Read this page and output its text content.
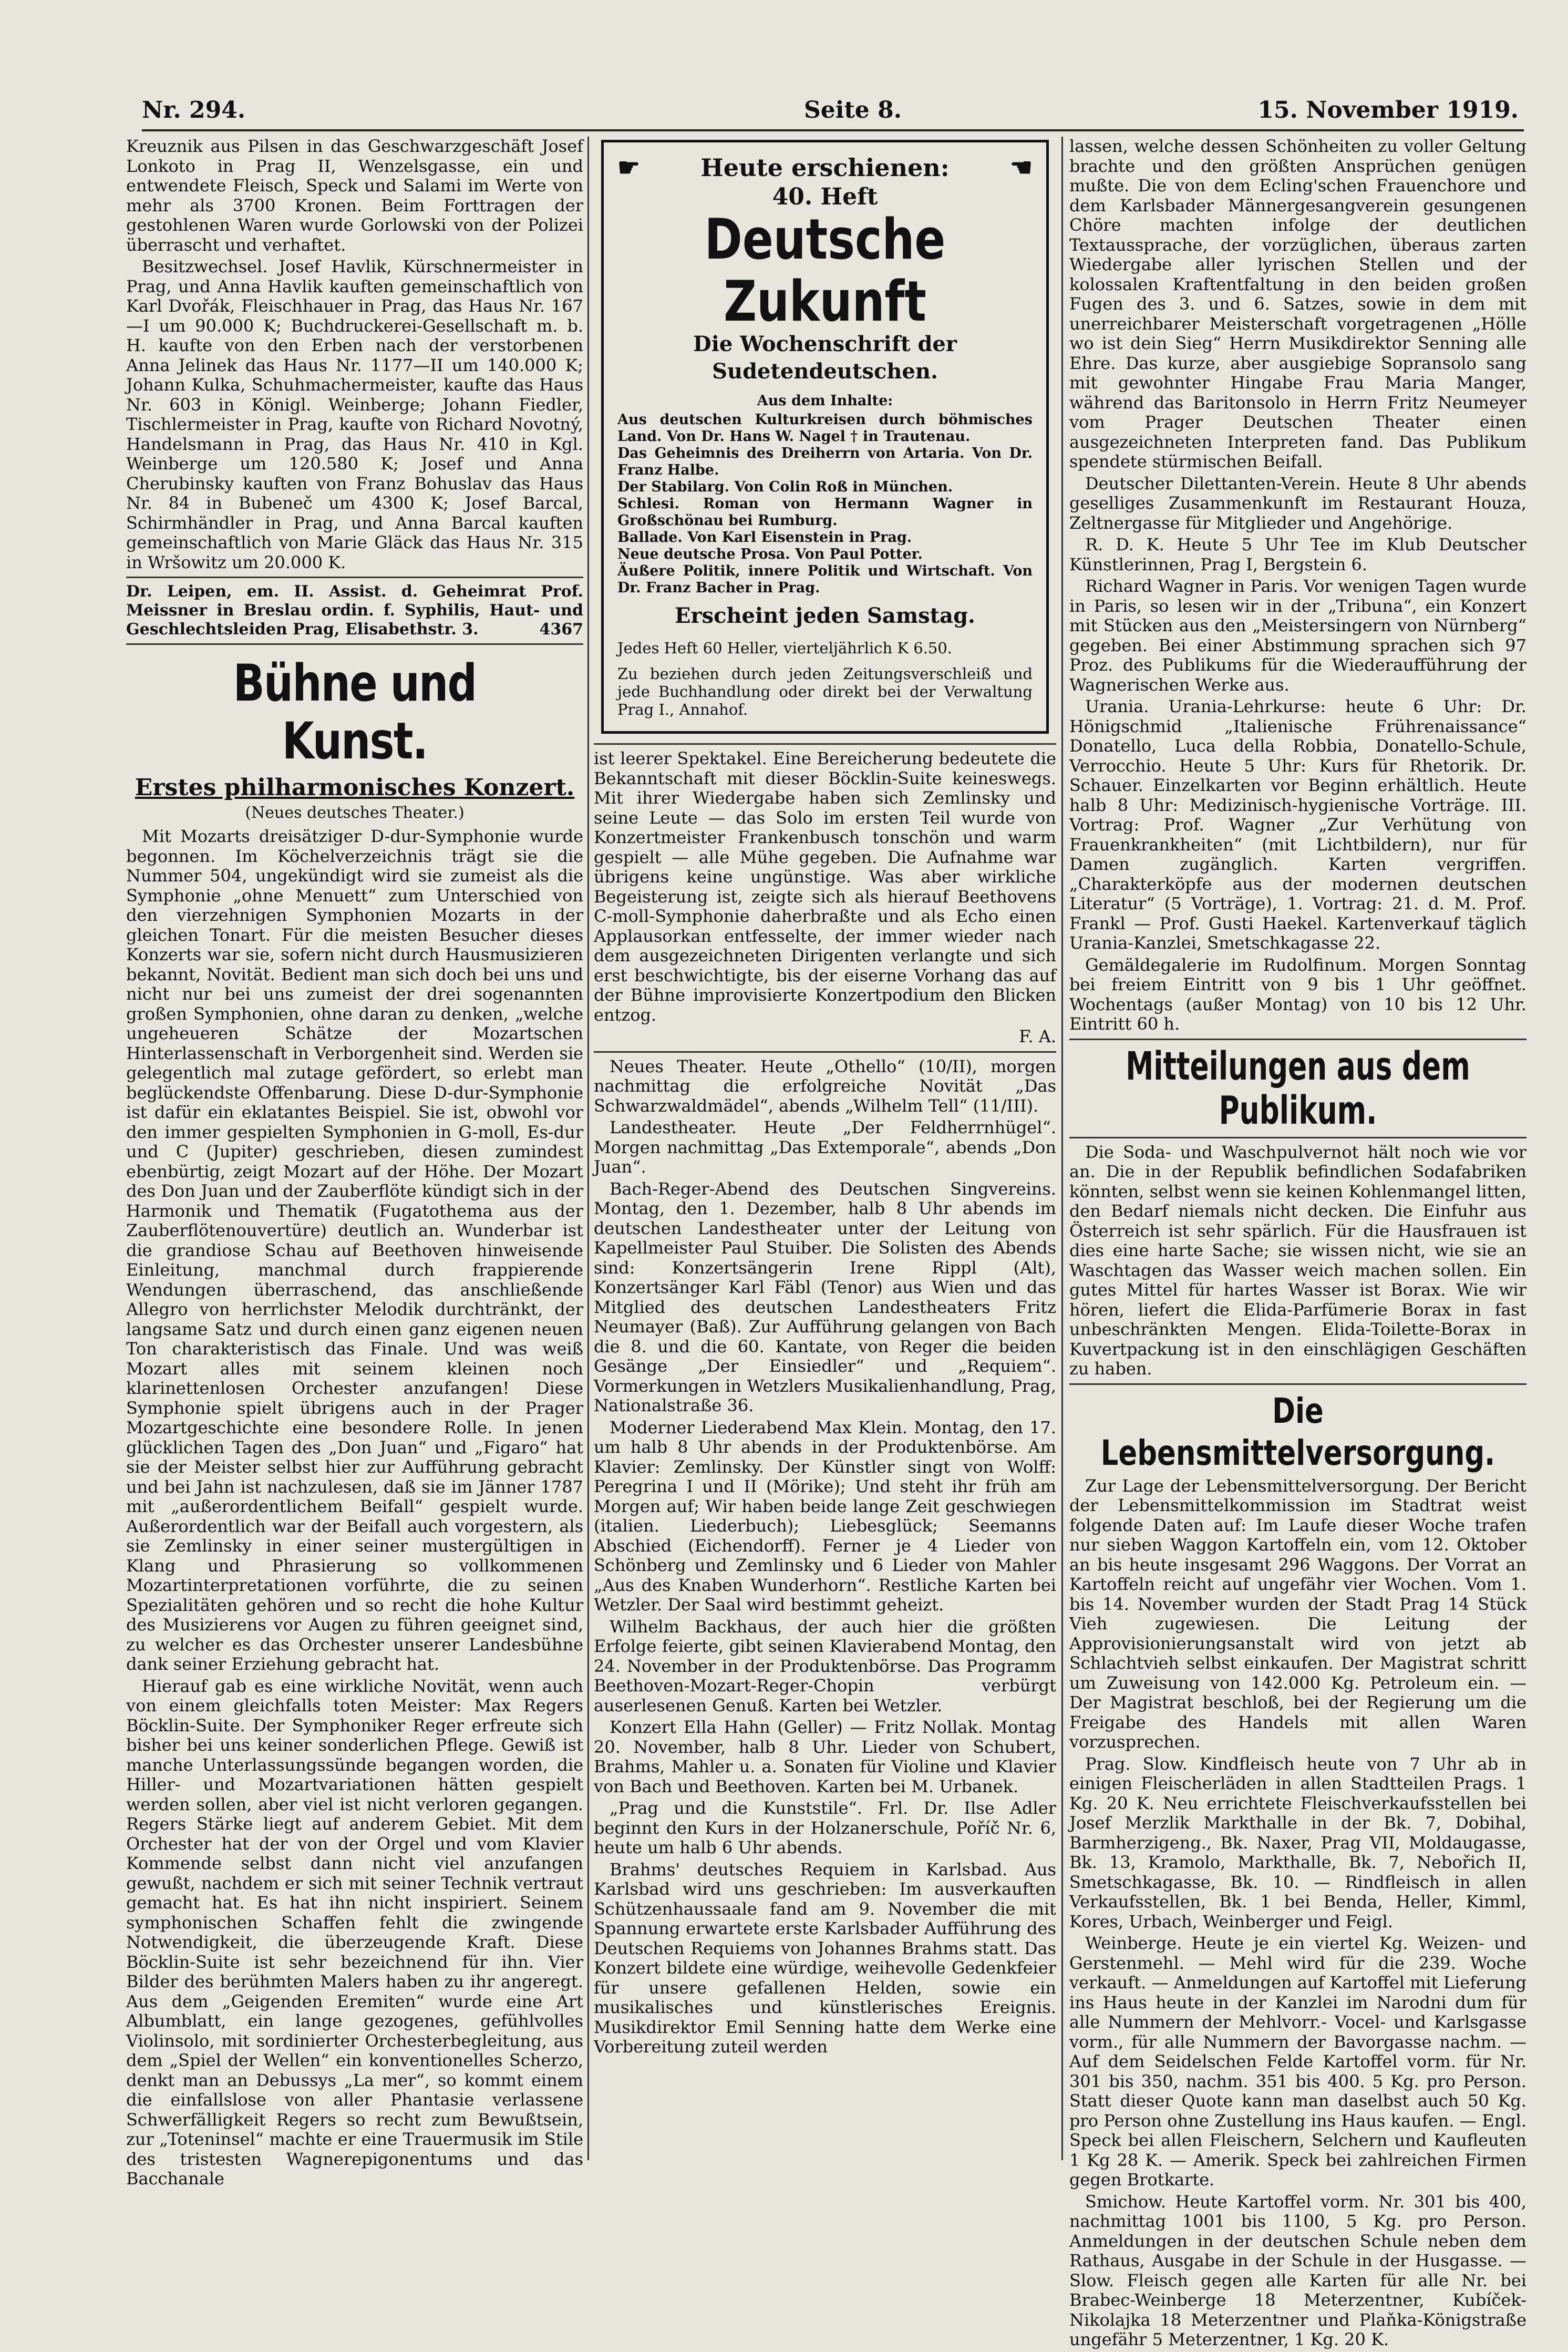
Nr. 294.	Seite 8.	15. November 1919.

Kreuznik aus Pilsen in das Geschwarzgeschäft Josef Lonkoto in Prag II, Wenzelsgasse, ein und entwendete Fleisch, Speck und Salami im Werte von mehr als 3700 Kronen. Beim Forttragen der gestohlenen Waren wurde Gorlowski von der Polizei überrascht und verhaftet.

Besitzwechsel. Josef Havlik, Kürschnermeister in Prag, und Anna Havlik kauften gemeinschaftlich von Karl Dvořák, Fleischhauer in Prag, das Haus Nr. 167—I um 90.000 K; Buchdruckerei-Gesellschaft m. b. H. kaufte von den Erben nach der verstorbenen Anna Jelinek das Haus Nr. 1177—II um 140.000 K; Johann Kulka, Schuhmachermeister, kaufte das Haus Nr. 603 in Königl. Weinberge; Johann Fiedler, Tischlermeister in Prag, kaufte von Richard Novotný, Handelsmann in Prag, das Haus Nr. 410 in Kgl. Weinberge um 120.580 K; Josef und Anna Cherubinsky kauften von Franz Bohuslav das Haus Nr. 84 in Bubeneč um 4300 K; Josef Barcal, Schirmhändler in Prag, und Anna Barcal kauften gemeinschaftlich von Marie Gläck das Haus Nr. 315 in Wršowitz um 20.000 K.

Dr. Leipen, em. II. Assist. d. Geheimrat Prof. Meissner in Breslau ordin. f. Syphilis, Haut- und Geschlechtsleiden Prag, Elisabethstr. 3.	4367

Bühne und Kunst.
Erstes philharmonisches Konzert.
(Neues deutsches Theater.)

Mit Mozarts dreisätziger D-dur-Symphonie wurde begonnen. Im Köchelverzeichnis trägt sie die Nummer 504, ungekündigt wird sie zumeist als die Symphonie „ohne Menuett“ zum Unterschied von den vierzehnigen Symphonien Mozarts in der gleichen Tonart. Für die meisten Besucher dieses Konzerts war sie, sofern nicht durch Hausmusizieren bekannt, Novität. Bedient man sich doch bei uns und nicht nur bei uns zumeist der drei sogenannten großen Symphonien, ohne daran zu denken, „welche ungeheueren Schätze der Mozartschen Hinterlassenschaft in Verborgenheit sind. Werden sie gelegentlich mal zutage gefördert, so erlebt man beglückendste Offenbarung. Diese D-dur-Symphonie ist dafür ein eklatantes Beispiel. Sie ist, obwohl vor den immer gespielten Symphonien in G-moll, Es-dur und C (Jupiter) geschrieben, diesen zumindest ebenbürtig, zeigt Mozart auf der Höhe. Der Mozart des Don Juan und der Zauberflöte kündigt sich in der Harmonik und Thematik (Fugatothema aus der Zauberflötenouvertüre) deutlich an. Wunderbar ist die grandiose Schau auf Beethoven hinweisende Einleitung, manchmal durch frappierende Wendungen überraschend, das anschließende Allegro von herrlichster Melodik durchtränkt, der langsame Satz und durch einen ganz eigenen neuen Ton charakteristisch das Finale. Und was weiß Mozart alles mit seinem kleinen noch klarinettenlosen Orchester anzufangen! Diese Symphonie spielt übrigens auch in der Prager Mozartgeschichte eine besondere Rolle. In jenen glücklichen Tagen des „Don Juan“ und „Figaro“ hat sie der Meister selbst hier zur Aufführung gebracht und bei Jahn ist nachzulesen, daß sie im Jänner 1787 mit „außerordentlichem Beifall“ gespielt wurde. Außerordentlich war der Beifall auch vorgestern, als sie Zemlinsky in einer seiner mustergültigen in Klang und Phrasierung so vollkommenen Mozartinterpretationen vorführte, die zu seinen Spezialitäten gehören und so recht die hohe Kultur des Musizierens vor Augen zu führen geeignet sind, zu welcher es das Orchester unserer Landesbühne dank seiner Erziehung gebracht hat.

Hierauf gab es eine wirkliche Novität, wenn auch von einem gleichfalls toten Meister: Max Regers Böcklin-Suite. Der Symphoniker Reger erfreute sich bisher bei uns keiner sonderlichen Pflege. Gewiß ist manche Unterlassungssünde begangen worden, die Hiller- und Mozartvariationen hätten gespielt werden sollen, aber viel ist nicht verloren gegangen. Regers Stärke liegt auf anderem Gebiet. Mit dem Orchester hat der von der Orgel und vom Klavier Kommende selbst dann nicht viel anzufangen gewußt, nachdem er sich mit seiner Technik vertraut gemacht hat. Es hat ihn nicht inspiriert. Seinem symphonischen Schaffen fehlt die zwingende Notwendigkeit, die überzeugende Kraft. Diese Böcklin-Suite ist sehr bezeichnend für ihn. Vier Bilder des berühmten Malers haben zu ihr angeregt. Aus dem „Geigenden Eremiten“ wurde eine Art Albumblatt, ein lange gezogenes, gefühlvolles Violinsolo, mit sordinierter Orchesterbegleitung, aus dem „Spiel der Wellen“ ein konventionelles Scherzo, denkt man an Debussys „La mer“, so kommt einem die einfallslose von aller Phantasie verlassene Schwerfälligkeit Regers so recht zum Bewußtsein, zur „Toteninsel“ machte er eine Trauermusik im Stile des tristesten Wagnerepigonentums und das Bacchanale

☛	Heute erschienen: ☚
40. Heft
Deutsche Zukunft
Die Wochenschrift der Sudetendeutschen.
Aus dem Inhalte:
Aus deutschen Kulturkreisen durch böhmisches Land. Von Dr. Hans W. Nagel † in Trautenau.
Das Geheimnis des Dreiherrn von Artaria. Von Dr. Franz Halbe.
Der Stabilarg. Von Colin Roß in München.
Schlesi. Roman von Hermann Wagner in Großschönau bei Rumburg.
Ballade. Von Karl Eisenstein in Prag.
Neue deutsche Prosa. Von Paul Potter.
Äußere Politik, innere Politik und Wirtschaft. Von Dr. Franz Bacher in Prag.
Erscheint jeden Samstag.
Jedes Heft 60 Heller, vierteljährlich K 6.50.
Zu beziehen durch jeden Zeitungsverschleiß und jede Buchhandlung oder direkt bei der Verwaltung Prag I., Annahof.

ist leerer Spektakel. Eine Bereicherung bedeutete die Bekanntschaft mit dieser Böcklin-Suite keineswegs. Mit ihrer Wiedergabe haben sich Zemlinsky und seine Leute — das Solo im ersten Teil wurde von Konzertmeister Frankenbusch tonschön und warm gespielt — alle Mühe gegeben. Die Aufnahme war übrigens keine ungünstige. Was aber wirkliche Begeisterung ist, zeigte sich als hierauf Beethovens C-moll-Symphonie daherbraßte und als Echo einen Applausorkan entfesselte, der immer wieder nach dem ausgezeichneten Dirigenten verlangte und sich erst beschwichtigte, bis der eiserne Vorhang das auf der Bühne improvisierte Konzertpodium den Blicken entzog.

F. A.

Neues Theater. Heute „Othello“ (10/II), morgen nachmittag die erfolgreiche Novität „Das Schwarzwaldmädel“, abends „Wilhelm Tell“ (11/III).

Landestheater. Heute „Der Feldherrnhügel“. Morgen nachmittag „Das Extemporale“, abends „Don Juan“.

Bach-Reger-Abend des Deutschen Singvereins. Montag, den 1. Dezember, halb 8 Uhr abends im deutschen Landestheater unter der Leitung von Kapellmeister Paul Stuiber. Die Solisten des Abends sind: Konzertsängerin Irene Rippl (Alt), Konzertsänger Karl Fäbl (Tenor) aus Wien und das Mitglied des deutschen Landestheaters Fritz Neumayer (Baß). Zur Aufführung gelangen von Bach die 8. und die 60. Kantate, von Reger die beiden Gesänge „Der Einsiedler“ und „Requiem“. Vormerkungen in Wetzlers Musikalienhandlung, Prag, Nationalstraße 36.

Moderner Liederabend Max Klein. Montag, den 17. um halb 8 Uhr abends in der Produktenbörse. Am Klavier: Zemlinsky. Der Künstler singt von Wolff: Peregrina I und II (Mörike); Und steht ihr früh am Morgen auf; Wir haben beide lange Zeit geschwiegen (italien. Liederbuch); Liebesglück; Seemanns Abschied (Eichendorff). Ferner je 4 Lieder von Schönberg und Zemlinsky und 6 Lieder von Mahler „Aus des Knaben Wunderhorn“. Restliche Karten bei Wetzler. Der Saal wird bestimmt geheizt.

Wilhelm Backhaus, der auch hier die größten Erfolge feierte, gibt seinen Klavierabend Montag, den 24. November in der Produktenbörse. Das Programm Beethoven-Mozart-Reger-Chopin verbürgt auserlesenen Genuß. Karten bei Wetzler.

Konzert Ella Hahn (Geller) — Fritz Nollak. Montag 20. November, halb 8 Uhr. Lieder von Schubert, Brahms, Mahler u. a. Sonaten für Violine und Klavier von Bach und Beethoven. Karten bei M. Urbanek.

„Prag und die Kunststile“. Frl. Dr. Ilse Adler beginnt den Kurs in der Holzanerschule, Poříč Nr. 6, heute um halb 6 Uhr abends.

Brahms' deutsches Requiem in Karlsbad. Aus Karlsbad wird uns geschrieben: Im ausverkauften Schützenhaussaale fand am 9. November die mit Spannung erwartete erste Karlsbader Aufführung des Deutschen Requiems von Johannes Brahms statt. Das Konzert bildete eine würdige, weihevolle Gedenkfeier für unsere gefallenen Helden, sowie ein musikalisches und künstlerisches Ereignis. Musikdirektor Emil Senning hatte dem Werke eine Vorbereitung zuteil werden

lassen, welche dessen Schönheiten zu voller Geltung brachte und den größten Ansprüchen genügen mußte. Die von dem Ecling'schen Frauenchore und dem Karlsbader Männergesangverein gesungenen Chöre machten infolge der deutlichen Textaussprache, der vorzüglichen, überaus zarten Wiedergabe aller lyrischen Stellen und der kolossalen Kraftentfaltung in den beiden großen Fugen des 3. und 6. Satzes, sowie in dem mit unerreichbarer Meisterschaft vorgetragenen „Hölle wo ist dein Sieg“ Herrn Musikdirektor Senning alle Ehre. Das kurze, aber ausgiebige Sopransolo sang mit gewohnter Hingabe Frau Maria Manger, während das Baritonsolo in Herrn Fritz Neumeyer vom Prager Deutschen Theater einen ausgezeichneten Interpreten fand. Das Publikum spendete stürmischen Beifall.

Deutscher Dilettanten-Verein. Heute 8 Uhr abends geselliges Zusammenkunft im Restaurant Houza, Zeltnergasse für Mitglieder und Angehörige.

R. D. K. Heute 5 Uhr Tee im Klub Deutscher Künstlerinnen, Prag I, Bergstein 6.

Richard Wagner in Paris. Vor wenigen Tagen wurde in Paris, so lesen wir in der „Tribuna“, ein Konzert mit Stücken aus den „Meistersingern von Nürnberg“ gegeben. Bei einer Abstimmung sprachen sich 97 Proz. des Publikums für die Wiederaufführung der Wagnerischen Werke aus.

Urania. Urania-Lehrkurse: heute 6 Uhr: Dr. Hönigschmid „Italienische Frührenaissance“ Donatello, Luca della Robbia, Donatello-Schule, Verrocchio. Heute 5 Uhr: Kurs für Rhetorik. Dr. Schauer. Einzelkarten vor Beginn erhältlich. Heute halb 8 Uhr: Medizinisch-hygienische Vorträge. III. Vortrag: Prof. Wagner „Zur Verhütung von Frauenkrankheiten“ (mit Lichtbildern), nur für Damen zugänglich. Karten vergriffen. „Charakterköpfe aus der modernen deutschen Literatur“ (5 Vorträge), 1. Vortrag: 21. d. M. Prof. Frankl — Prof. Gusti Haekel. Kartenverkauf täglich Urania-Kanzlei, Smetschkagasse 22.

Gemäldegalerie im Rudolfinum. Morgen Sonntag bei freiem Eintritt von 9 bis 1 Uhr geöffnet. Wochentags (außer Montag) von 10 bis 12 Uhr. Eintritt 60 h.

Mitteilungen aus dem Publikum.

Die Soda- und Waschpulvernot hält noch wie vor an. Die in der Republik befindlichen Sodafabriken könnten, selbst wenn sie keinen Kohlenmangel litten, den Bedarf niemals nicht decken. Die Einfuhr aus Österreich ist sehr spärlich. Für die Hausfrauen ist dies eine harte Sache; sie wissen nicht, wie sie an Waschtagen das Wasser weich machen sollen. Ein gutes Mittel für hartes Wasser ist Borax. Wie wir hören, liefert die Elida-Parfümerie Borax in fast unbeschränkten Mengen. Elida-Toilette-Borax in Kuvertpackung ist in den einschlägigen Geschäften zu haben.

Die Lebensmittelversorgung.

Zur Lage der Lebensmittelversorgung. Der Bericht der Lebensmittelkommission im Stadtrat weist folgende Daten auf: Im Laufe dieser Woche trafen nur sieben Waggon Kartoffeln ein, vom 12. Oktober an bis heute insgesamt 296 Waggons. Der Vorrat an Kartoffeln reicht auf ungefähr vier Wochen. Vom 1. bis 14. November wurden der Stadt Prag 14 Stück Vieh zugewiesen. Die Leitung der Approvisionierungsanstalt wird von jetzt ab Schlachtvieh selbst einkaufen. Der Magistrat schritt um Zuweisung von 142.000 Kg. Petroleum ein. — Der Magistrat beschloß, bei der Regierung um die Freigabe des Handels mit allen Waren vorzusprechen.

Prag. Slow. Kindfleisch heute von 7 Uhr ab in einigen Fleischerläden in allen Stadtteilen Prags. 1 Kg. 20 K. Neu errichtete Fleischverkaufsstellen bei Josef Merzlik Markthalle in der Bk. 7, Dobihal, Barmherzigeng., Bk. Naxer, Prag VII, Moldaugasse, Bk. 13, Kramolo, Markthalle, Bk. 7, Nebořich II, Smetschkagasse, Bk. 10. — Rindfleisch in allen Verkaufsstellen, Bk. 1 bei Benda, Heller, Kimml, Kores, Urbach, Weinberger und Feigl.

Weinberge. Heute je ein viertel Kg. Weizen- und Gerstenmehl. — Mehl wird für die 239. Woche verkauft. — Anmeldungen auf Kartoffel mit Lieferung ins Haus heute in der Kanzlei im Narodni dum für alle Nummern der Mehlvorr.- Vocel- und Karlsgasse vorm., für alle Nummern der Bavorgasse nachm. — Auf dem Seidelschen Felde Kartoffel vorm. für Nr. 301 bis 350, nachm. 351 bis 400. 5 Kg. pro Person. Statt dieser Quote kann man daselbst auch 50 Kg. pro Person ohne Zustellung ins Haus kaufen. — Engl. Speck bei allen Fleischern, Selchern und Kaufleuten 1 Kg 28 K. — Amerik. Speck bei zahlreichen Firmen gegen Brotkarte.

Smichow. Heute Kartoffel vorm. Nr. 301 bis 400, nachmittag 1001 bis 1100, 5 Kg. pro Person. Anmeldungen in der deutschen Schule neben dem Rathaus, Ausgabe in der Schule in der Husgasse. — Slow. Fleisch gegen alle Karten für alle Nr. bei Brabec-Weinberge 18 Meterzentner, Kubíček-Nikolajka 18 Meterzentner und Plaňka-Königstraße ungefähr 5 Meterzentner, 1 Kg. 20 K.
